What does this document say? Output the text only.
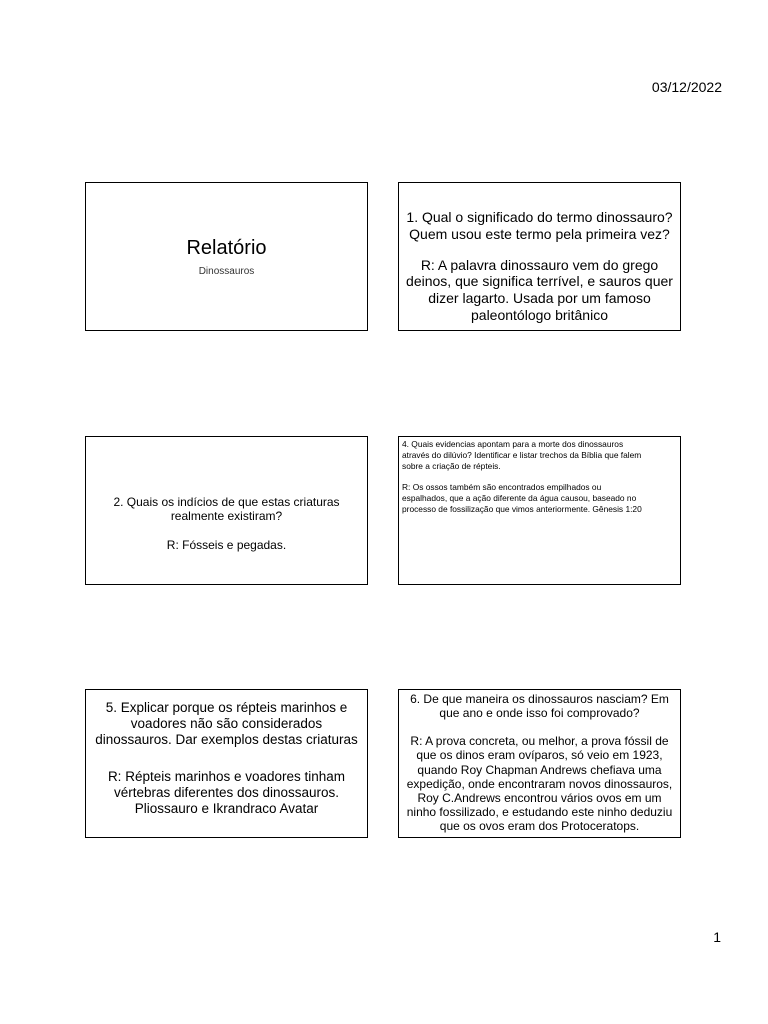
03/12/2022
Relatório
Dinossauros

1. Qual o significado do termo dinossauro?

Quem usou este termo pela primeira vez?

R: A palavra dinossauro vem do grego

deinos, que significa terrível, e sauros quer

dizer lagarto. Usada por um famoso

paleontólogo britânico

2. Quais os indícios de que estas criaturas

realmente existiram?

R: Fósseis e pegadas.

4. Quais evidencias apontam para a morte dos dinossauros

através do dilúvio? Identificar e listar trechos da Bíblia que falem

sobre a criação de répteis.

R: Os ossos também são encontrados empilhados ou

espalhados, que a ação diferente da água causou, baseado no

processo de fossilização que vimos anteriormente. Gênesis 1:20

5. Explicar porque os répteis marinhos e

voadores não são considerados

dinossauros. Dar exemplos destas criaturas

R: Répteis marinhos e voadores tinham

vértebras diferentes dos dinossauros.

Pliossauro e Ikrandraco Avatar

6. De que maneira os dinossauros nasciam? Em

que ano e onde isso foi comprovado?

R: A prova concreta, ou melhor, a prova fóssil de

que os dinos eram ovíparos, só veio em 1923,

quando Roy Chapman Andrews chefiava uma

expedição, onde encontraram novos dinossauros,

Roy C.Andrews encontrou vários ovos em um

ninho fossilizado, e estudando este ninho deduziu

que os ovos eram dos Protoceratops.

1
